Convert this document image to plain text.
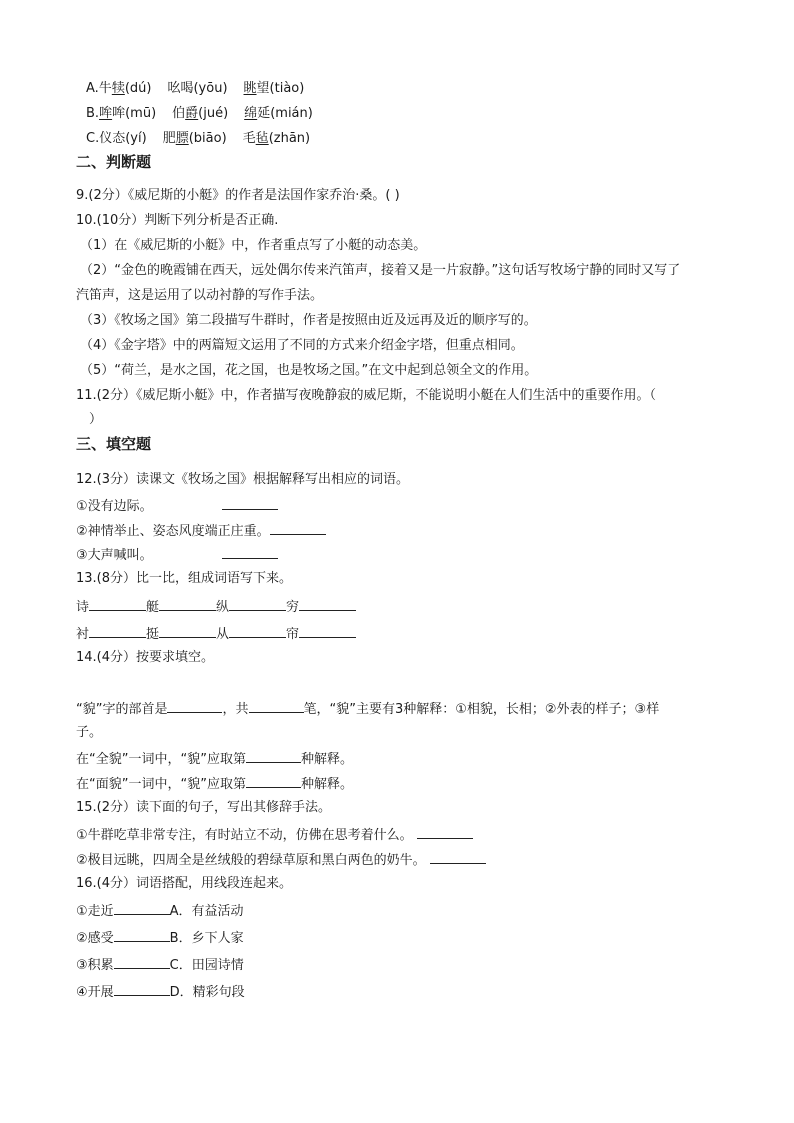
A.牛犊(dú) 吆喝(yōu) 眺望(tiào)
B.哞哞(mū) 伯爵(jué) 绵延(mián)
C.仪态(yí) 肥膘(biāo) 毛毡(zhān)
二、判断题
9.(2分）《威尼斯的小艇》的作者是法国作家乔治·桑。( )
10.(10分）判断下列分析是否正确.
（1）在《威尼斯的小艇》中，作者重点写了小艇的动态美。
（2）“金色的晚霞铺在西天，远处偶尔传来汽笛声，接着又是一片寂静。”这句话写牧场宁静的同时又写了
汽笛声，这是运用了以动衬静的写作手法。
（3）《牧场之国》第二段描写牛群时，作者是按照由近及远再及近的顺序写的。
（4）《金字塔》中的两篇短文运用了不同的方式来介绍金字塔，但重点相同。
（5）“荷兰，是水之国，花之国，也是牧场之国。”在文中起到总领全文的作用。
11.(2分）《威尼斯小艇》中，作者描写夜晚静寂的威尼斯，不能说明小艇在人们生活中的重要作用。（
）
三、填空题
12.(3分）读课文《牧场之国》根据解释写出相应的词语。
①没有边际。
②神情举止、姿态风度端正庄重。
③大声喊叫。
13.(8分）比一比，组成词语写下来。
诗	艇	纵	穷
衬	挺	从	帘
14.(4分）按要求填空。
“貌”字的部首是	，共	笔，“貌”主要有3种解释：①相貌，长相；②外表的样子；③样
子。
在“全貌”一词中，“貌”应取第	种解释。
在“面貌”一词中，“貌”应取第	种解释。
15.(2分）读下面的句子，写出其修辞手法。
①牛群吃草非常专注，有时站立不动，仿佛在思考着什么。
②极目远眺，四周全是丝绒般的碧绿草原和黑白两色的奶牛。
16.(4分）词语搭配，用线段连起来。
①走近	A．有益活动
②感受	B．乡下人家
③积累	C．田园诗情
④开展	D．精彩句段
